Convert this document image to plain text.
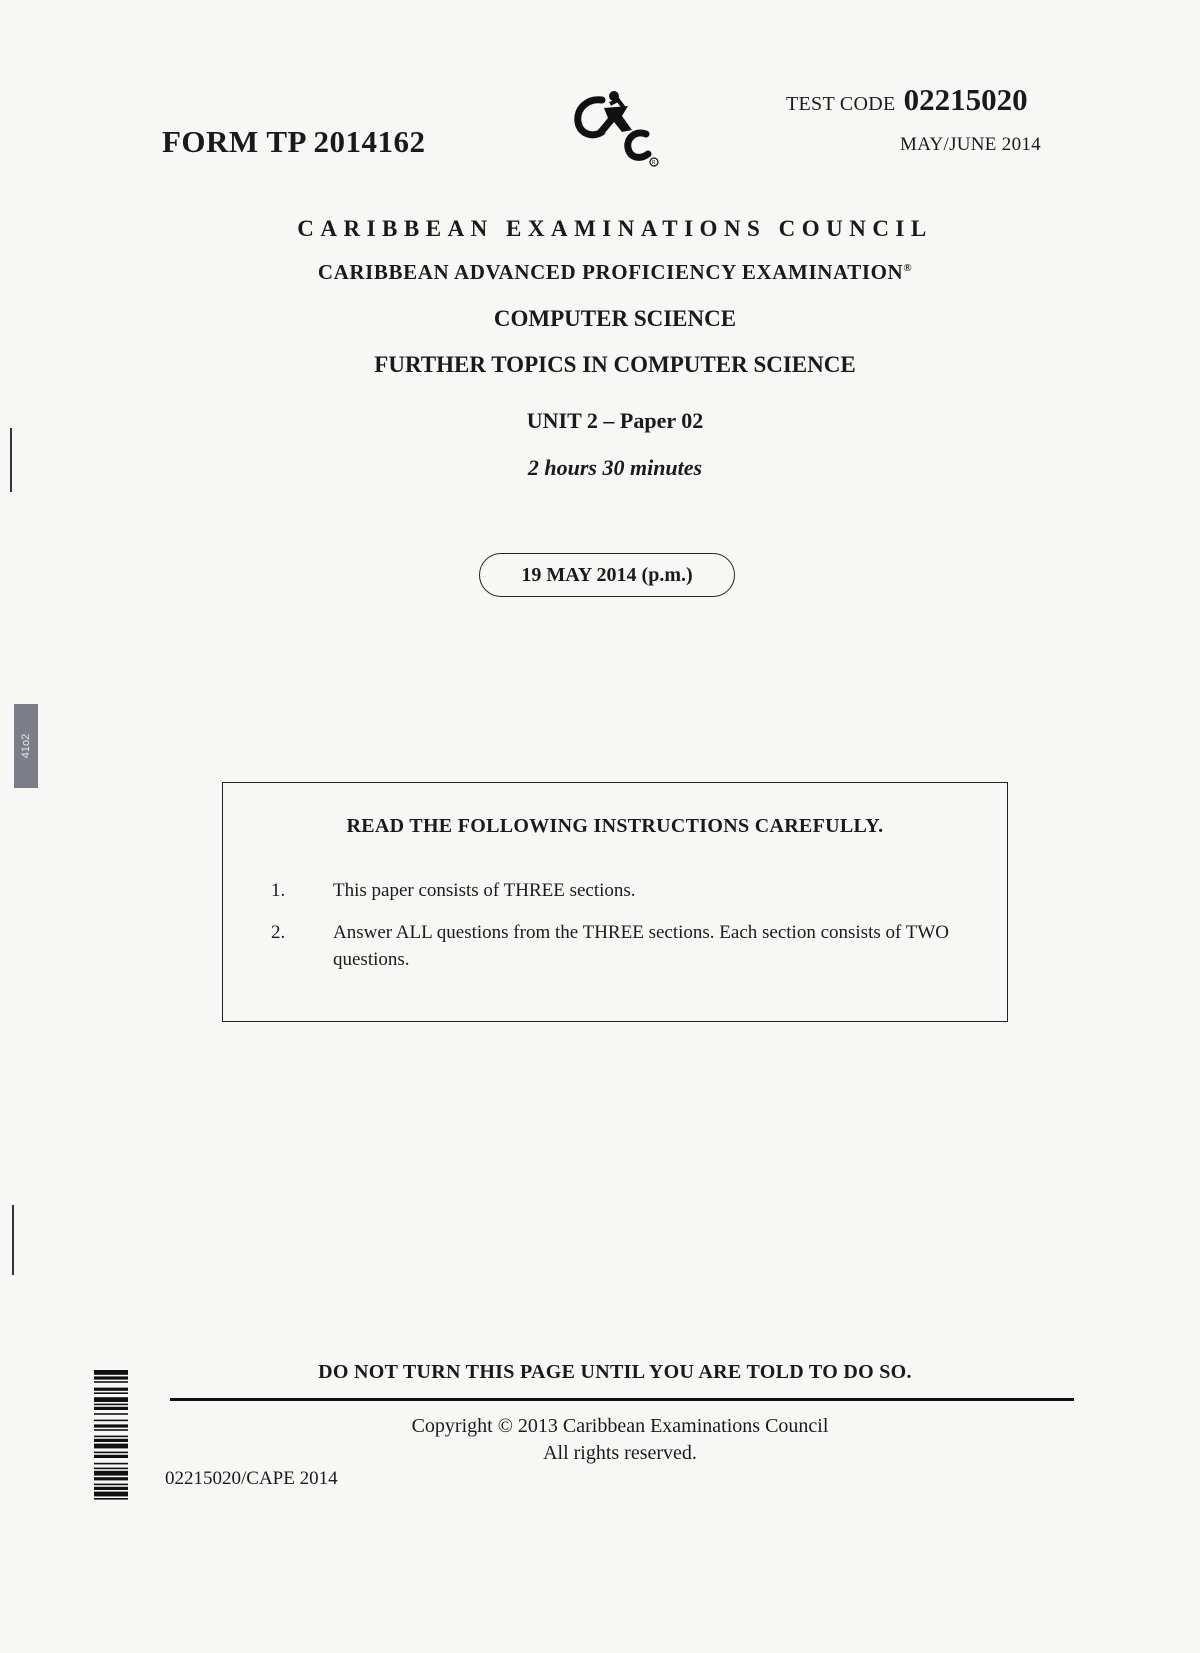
41o2
FORM TP 2014162
R
TEST CODE 02215020
MAY/JUNE 2014
CARIBBEAN EXAMINATIONS COUNCIL
CARIBBEAN ADVANCED PROFICIENCY EXAMINATION®
COMPUTER SCIENCE
FURTHER TOPICS IN COMPUTER SCIENCE
UNIT 2 – Paper 02
2 hours 30 minutes
19 MAY 2014 (p.m.)
READ THE FOLLOWING INSTRUCTIONS CAREFULLY.
1.	This paper consists of THREE sections.
2.	Answer ALL questions from the THREE sections. Each section consists of TWO questions.
DO NOT TURN THIS PAGE UNTIL YOU ARE TOLD TO DO SO.
Copyright © 2013 Caribbean Examinations Council
All rights reserved.
02215020/CAPE 2014
